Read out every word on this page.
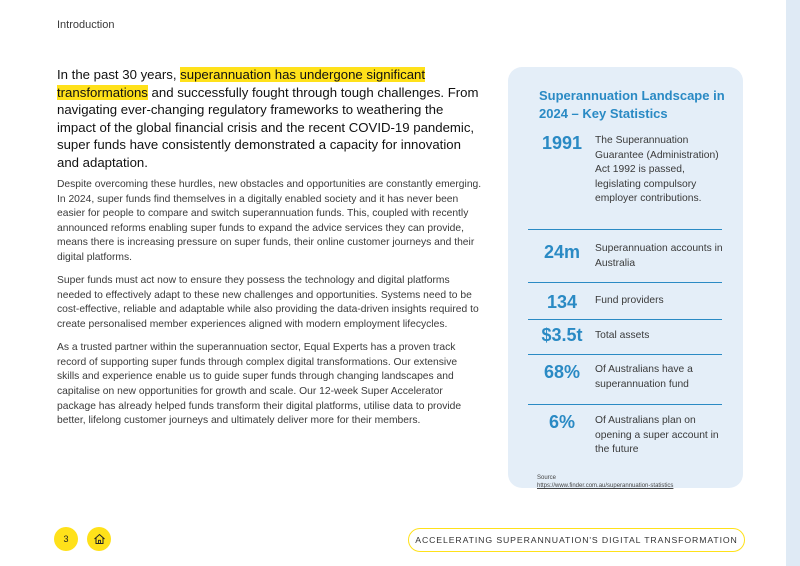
Introduction
In the past 30 years, superannuation has undergone significant transformations and successfully fought through tough challenges. From navigating ever-changing regulatory frameworks to weathering the impact of the global financial crisis and the recent COVID-19 pandemic, super funds have consistently demonstrated a capacity for innovation and adaptation.

Despite overcoming these hurdles, new obstacles and opportunities are constantly emerging. In 2024, super funds find themselves in a digitally enabled society and it has never been easier for people to compare and switch superannuation funds. This, coupled with recently announced reforms enabling super funds to expand the advice services they can provide, means there is increasing pressure on super funds, their online customer journeys and their digital platforms.

Super funds must act now to ensure they possess the technology and digital platforms needed to effectively adapt to these new challenges and opportunities. Systems need to be cost-effective, reliable and adaptable while also providing the data-driven insights required to create personalised member experiences aligned with modern employment lifecycles.

As a trusted partner within the superannuation sector, Equal Experts has a proven track record of supporting super funds through complex digital transformations. Our extensive skills and experience enable us to guide super funds through changing landscapes and capitalise on new opportunities for growth and scale. Our 12-week Super Accelerator package has already helped funds transform their digital platforms, utilise data to provide better, lifelong customer journeys and ultimately deliver more for their members.

Superannuation Landscape in 2024 – Key Statistics
1991	The Superannuation Guarantee (Administration) Act 1992 is passed, legislating compulsory employer contributions.
24m	Superannuation accounts in Australia
134	Fund providers
$3.5t	Total assets
68%	Of Australians have a superannuation fund
6%	Of Australians plan on opening a super account in the future
Source
https://www.finder.com.au/superannuation-statistics
3	ACCELERATING SUPERANNUATION'S DIGITAL TRANSFORMATION
